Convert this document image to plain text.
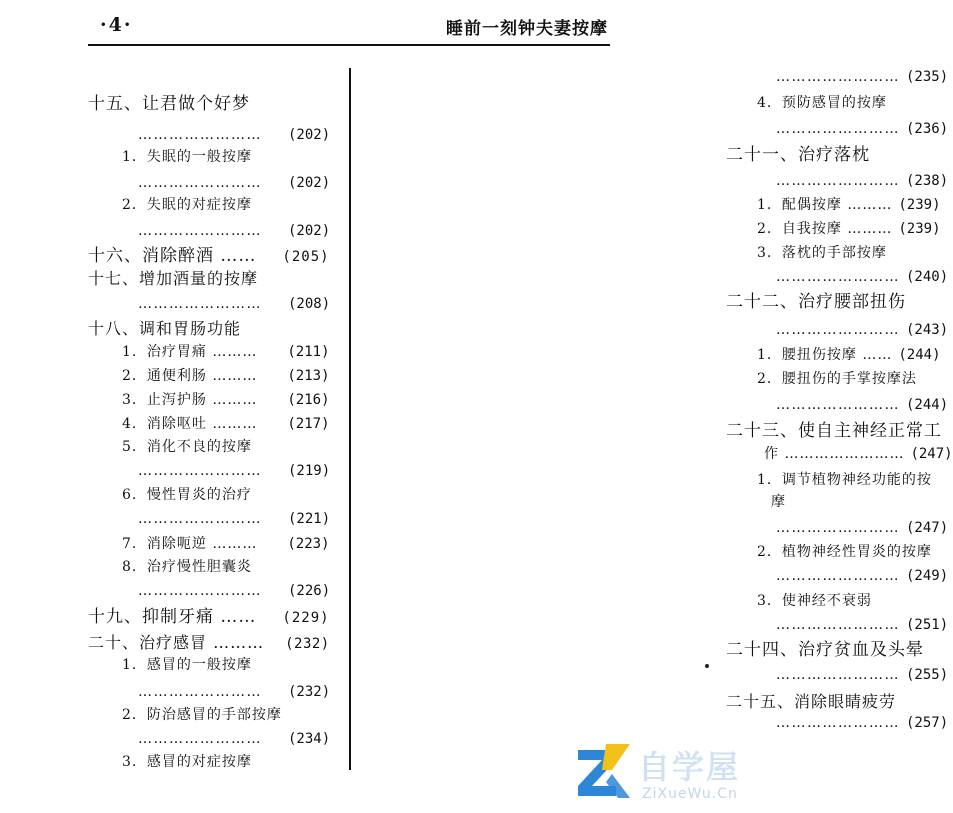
·4·	睡前一刻钟夫妻按摩
十五、让君做个好梦
…………………… (202)
1．失眠的一般按摩
…………………… (202)
2．失眠的对症按摩
…………………… (202)
十六、消除醉酒 …… (205)
十七、增加酒量的按摩
…………………… (208)
十八、调和胃肠功能
1．治疗胃痛 ……… (211)
2．通便利肠 ……… (213)
3．止泻护肠 ……… (216)
4．消除呕吐 ……… (217)
5．消化不良的按摩
…………………… (219)
6．慢性胃炎的治疗
…………………… (221)
7．消除呃逆 ……… (223)
8．治疗慢性胆囊炎
…………………… (226)
十九、抑制牙痛 …… (229)
二十、治疗感冒 ……… (232)
1．感冒的一般按摩
…………………… (232)
2．防治感冒的手部按摩
…………………… (234)
3．感冒的对症按摩
…………………… (235)
4．预防感冒的按摩
…………………… (236)
二十一、治疗落枕
…………………… (238)
1．配偶按摩 ……… (239)
2．自我按摩 ……… (239)
3．落枕的手部按摩
…………………… (240)
二十二、治疗腰部扭伤
…………………… (243)
1．腰扭伤按摩 …… (244)
2．腰扭伤的手掌按摩法
…………………… (244)
二十三、使自主神经正常工
作 …………………… (247)
1．调节植物神经功能的按
摩
…………………… (247)
2．植物神经性胃炎的按摩
…………………… (249)
3．使神经不衰弱
…………………… (251)
二十四、治疗贫血及头晕
…………………… (255)
二十五、消除眼睛疲劳
…………………… (257)
自学屋
ZiXueWu.Cn
